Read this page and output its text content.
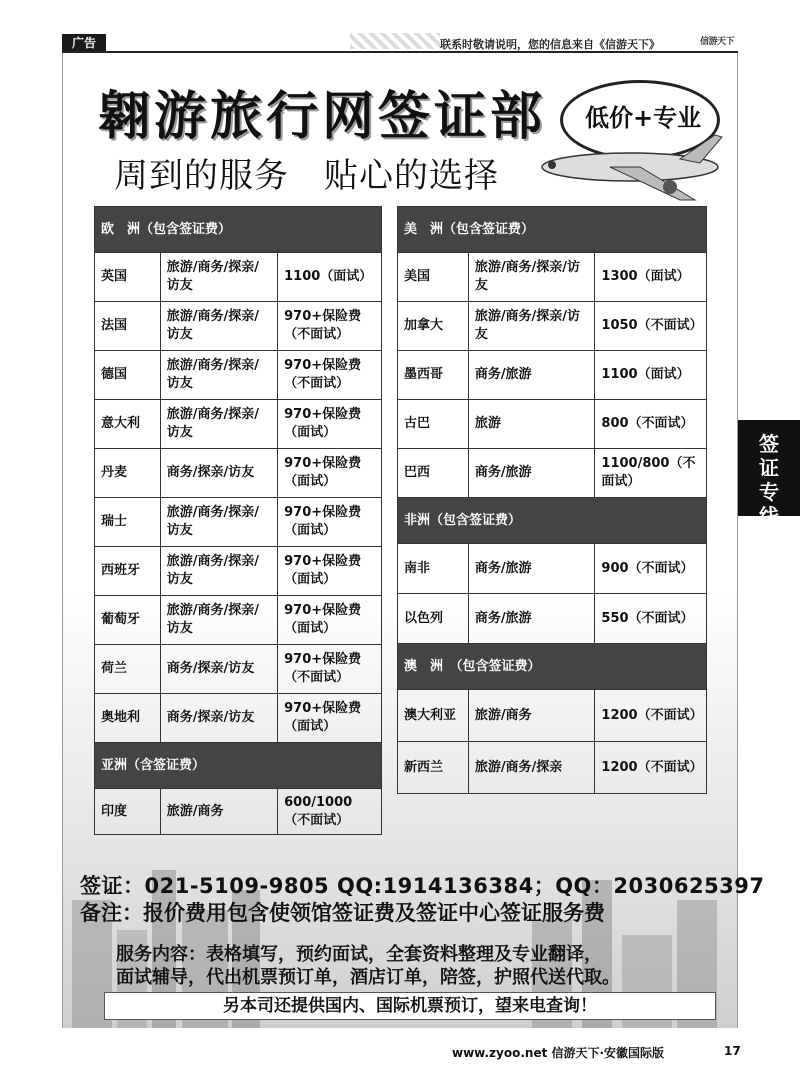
广告	联系时敬请说明，您的信息来自《信游天下》	信游天下
翱游旅行网签证部
周到的服务　贴心的选择
低价+专业
签证专线
欧　洲（包含签证费）		
英国	旅游/商务/探亲/访友	1100（面试）
法国	旅游/商务/探亲/访友	970+保险费（不面试）
德国	旅游/商务/探亲/访友	970+保险费（不面试）
意大利	旅游/商务/探亲/访友	970+保险费（面试）
丹麦	商务/探亲/访友	970+保险费（面试）
瑞士	旅游/商务/探亲/访友	970+保险费（面试）
西班牙	旅游/商务/探亲/访友	970+保险费（面试）
葡萄牙	旅游/商务/探亲/访友	970+保险费（面试）
荷兰	商务/探亲/访友	970+保险费（不面试）
奥地利	商务/探亲/访友	970+保险费（面试）
亚洲（含签证费）		
印度	旅游/商务	600/1000（不面试）
美　洲（包含签证费）		
美国	旅游/商务/探亲/访友	1300（面试）
加拿大	旅游/商务/探亲/访友	1050（不面试）
墨西哥	商务/旅游	1100（面试）
古巴	旅游	800（不面试）
巴西	商务/旅游	1100/800（不面试）
非洲（包含签证费）		
南非	商务/旅游	900（不面试）
以色列	商务/旅游	550（不面试）
澳　洲　（包含签证费）		
澳大利亚	旅游/商务	1200（不面试）
新西兰	旅游/商务/探亲	1200（不面试）
签证：021-5109-9805 QQ:1914136384；QQ：2030625397
备注：报价费用包含使领馆签证费及签证中心签证服务费
服务内容：表格填写，预约面试，全套资料整理及专业翻译，
面试辅导，代出机票预订单，酒店订单，陪签，护照代送代取。
另本司还提供国内、国际机票预订，望来电查询！
www.zyoo.net 信游天下·安徽国际版	17
